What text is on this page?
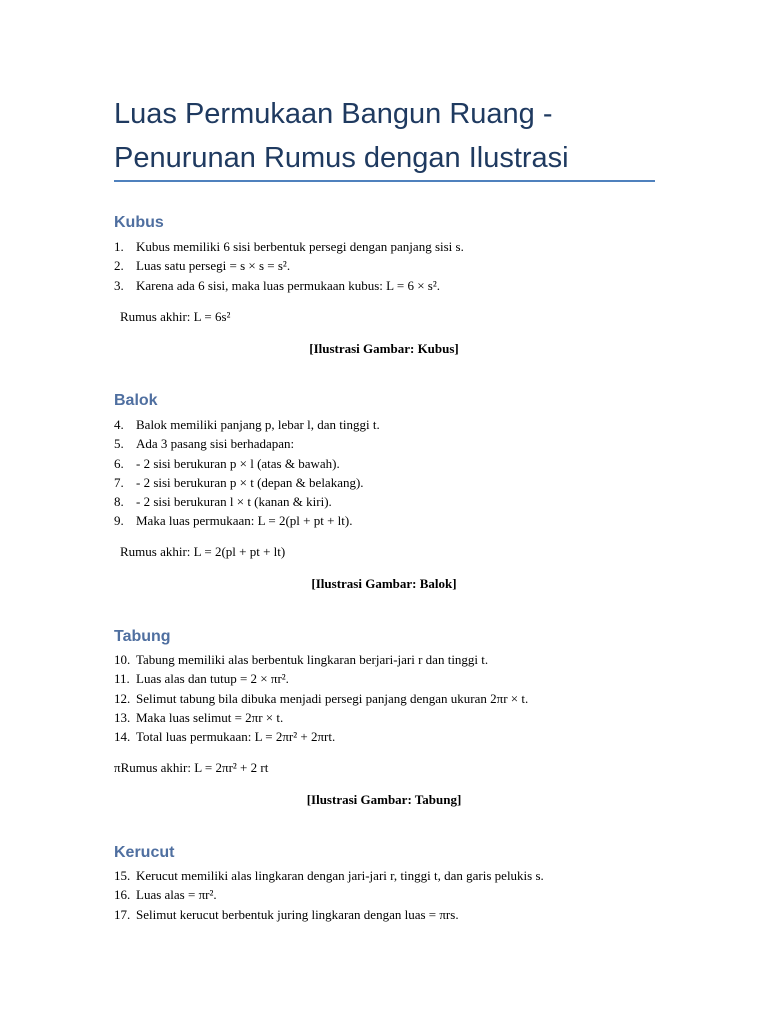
Luas Permukaan Bangun Ruang - Penurunan Rumus dengan Ilustrasi
Kubus
1. Kubus memiliki 6 sisi berbentuk persegi dengan panjang sisi s.
2. Luas satu persegi = s × s = s².
3. Karena ada 6 sisi, maka luas permukaan kubus: L = 6 × s².
Rumus akhir: L = 6s²
[Ilustrasi Gambar: Kubus]
Balok
4. Balok memiliki panjang p, lebar l, dan tinggi t.
5. Ada 3 pasang sisi berhadapan:
6. - 2 sisi berukuran p × l (atas & bawah).
7. - 2 sisi berukuran p × t (depan & belakang).
8. - 2 sisi berukuran l × t (kanan & kiri).
9. Maka luas permukaan: L = 2(pl + pt + lt).
Rumus akhir: L = 2(pl + pt + lt)
[Ilustrasi Gambar: Balok]
Tabung
10. Tabung memiliki alas berbentuk lingkaran berjari-jari r dan tinggi t.
11. Luas alas dan tutup = 2 × πr².
12. Selimut tabung bila dibuka menjadi persegi panjang dengan ukuran 2πr × t.
13. Maka luas selimut = 2πr × t.
14. Total luas permukaan: L = 2πr² + 2πrt.
πRumus akhir: L = 2πr² + 2 rt
[Ilustrasi Gambar: Tabung]
Kerucut
15. Kerucut memiliki alas lingkaran dengan jari-jari r, tinggi t, dan garis pelukis s.
16. Luas alas = πr².
17. Selimut kerucut berbentuk juring lingkaran dengan luas = πrs.
